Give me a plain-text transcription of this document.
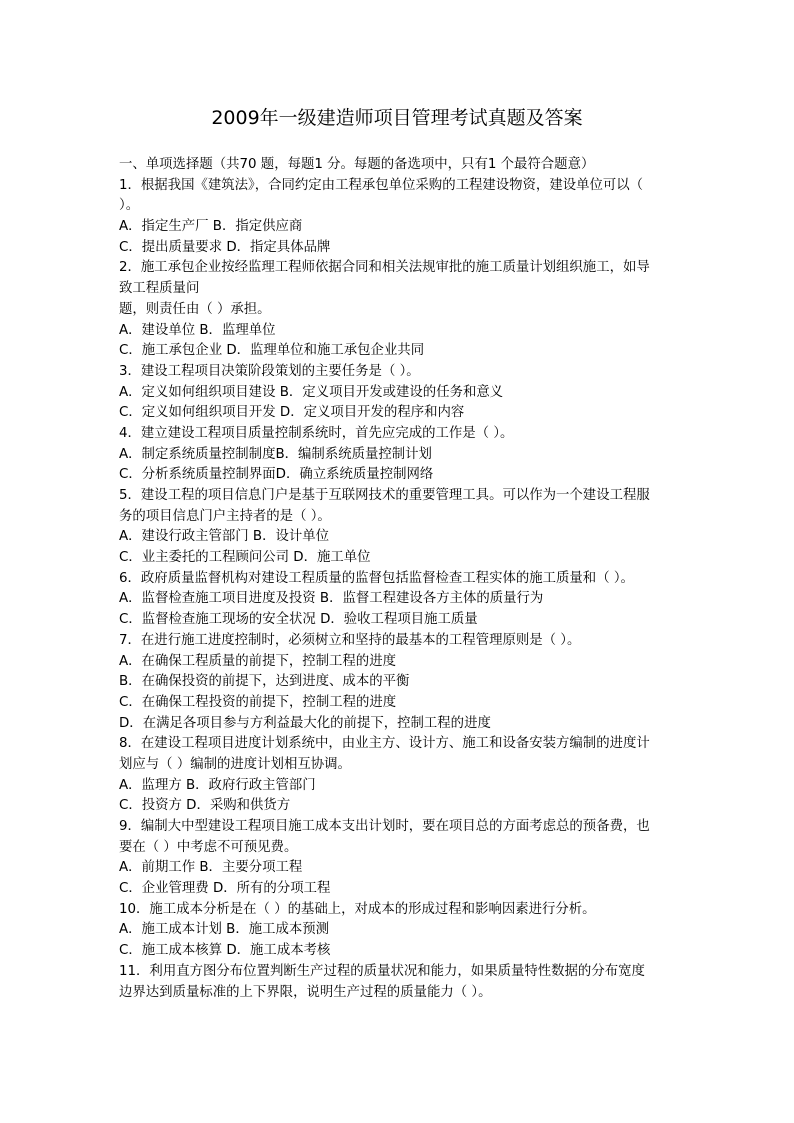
2009年一级建造师项目管理考试真题及答案
一、单项选择题（共70 题，每题1 分。每题的备选项中，只有1 个最符合题意）
1．根据我国《建筑法》，合同约定由工程承包单位采购的工程建设物资，建设单位可以（
）。
A．指定生产厂 B．指定供应商
C．提出质量要求 D．指定具体品牌
2．施工承包企业按经监理工程师依据合同和相关法规审批的施工质量计划组织施工，如导
致工程质量问
题，则责任由（ ）承担。
A．建设单位 B．监理单位
C．施工承包企业 D．监理单位和施工承包企业共同
3．建设工程项目决策阶段策划的主要任务是（ ）。
A．定义如何组织项目建设 B．定义项目开发或建设的任务和意义
C．定义如何组织项目开发 D．定义项目开发的程序和内容
4．建立建设工程项目质量控制系统时，首先应完成的工作是（ ）。
A．制定系统质量控制制度B．编制系统质量控制计划
C．分析系统质量控制界面D．确立系统质量控制网络
5．建设工程的项目信息门户是基于互联网技术的重要管理工具。可以作为一个建设工程服
务的项目信息门户主持者的是（ ）。
A．建设行政主管部门 B．设计单位
C．业主委托的工程顾问公司 D．施工单位
6．政府质量监督机构对建设工程质量的监督包括监督检查工程实体的施工质量和（ ）。
A．监督检查施工项目进度及投资 B．监督工程建设各方主体的质量行为
C．监督检查施工现场的安全状况 D．验收工程项目施工质量
7．在进行施工进度控制时，必须树立和坚持的最基本的工程管理原则是（ ）。
A．在确保工程质量的前提下，控制工程的进度
B．在确保投资的前提下，达到进度、成本的平衡
C．在确保工程投资的前提下，控制工程的进度
D．在满足各项目参与方利益最大化的前提下，控制工程的进度
8．在建设工程项目进度计划系统中，由业主方、设计方、施工和设备安装方编制的进度计
划应与（ ）编制的进度计划相互协调。
A．监理方 B．政府行政主管部门
C．投资方 D．采购和供货方
9．编制大中型建设工程项目施工成本支出计划时，要在项目总的方面考虑总的预备费，也
要在（ ）中考虑不可预见费。
A．前期工作 B．主要分项工程
C．企业管理费 D．所有的分项工程
10．施工成本分析是在（ ）的基础上，对成本的形成过程和影响因素进行分析。
A．施工成本计划 B．施工成本预测
C．施工成本核算 D．施工成本考核
11．利用直方图分布位置判断生产过程的质量状况和能力，如果质量特性数据的分布宽度
边界达到质量标准的上下界限，说明生产过程的质量能力（ ）。
